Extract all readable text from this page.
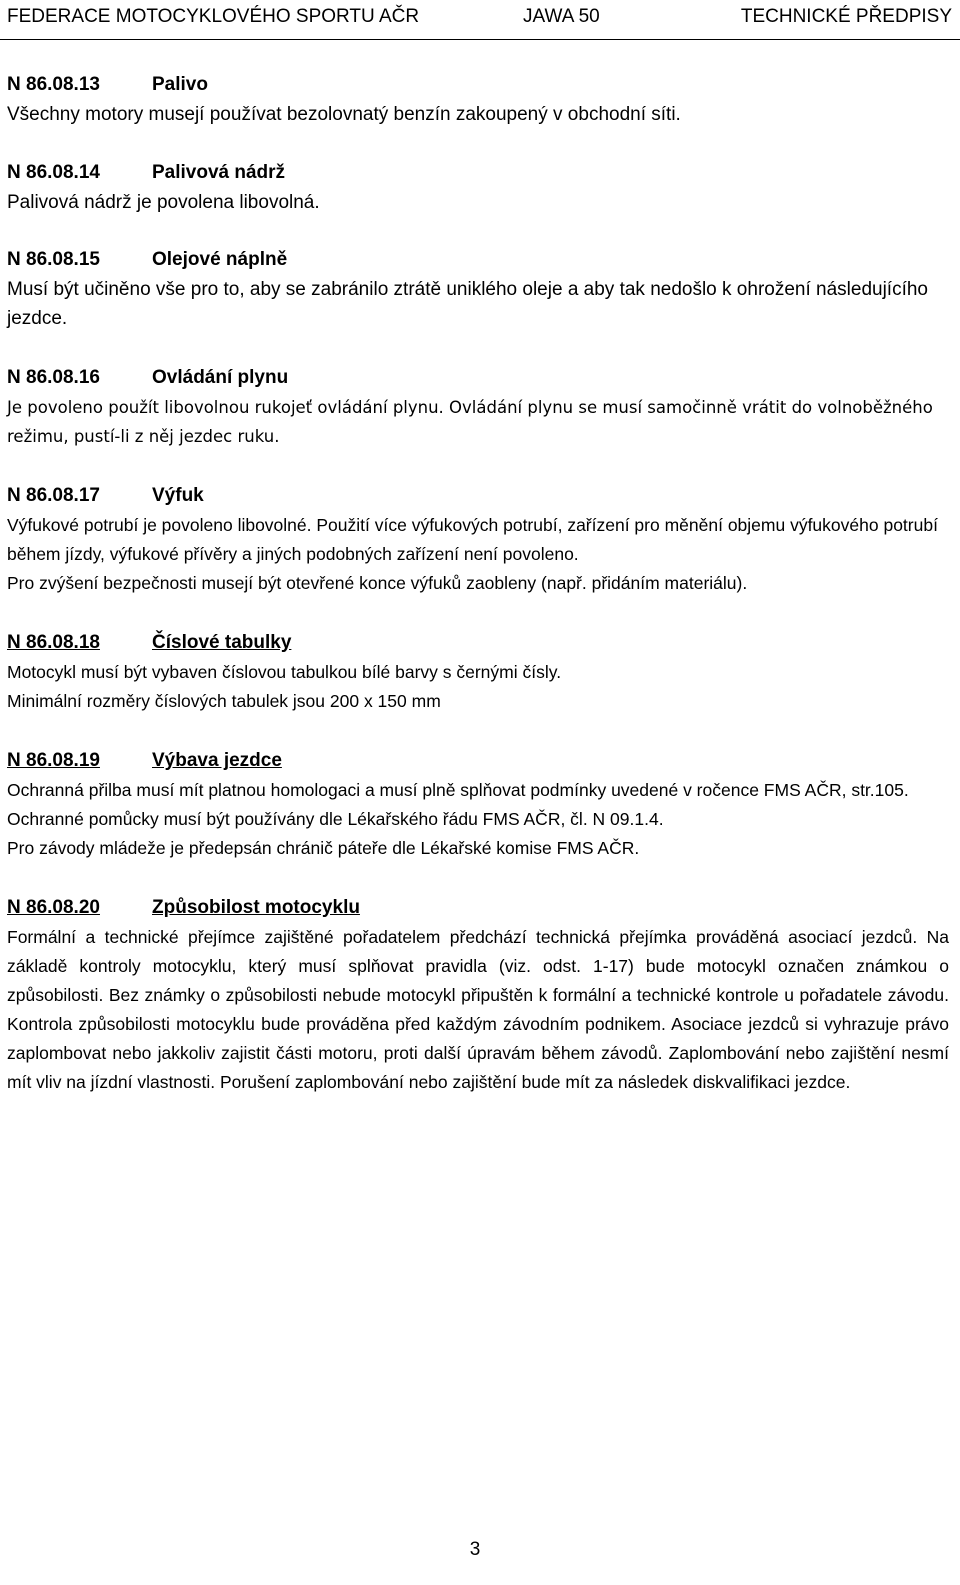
FEDERACE MOTOCYKLOVÉHO SPORTU AČR	JAWA 50	TECHNICKÉ PŘEDPISY
N 86.08.13	Palivo
Všechny motory musejí používat bezolovnatý benzín zakoupený v obchodní síti.
N 86.08.14	Palivová nádrž
Palivová nádrž je povolena libovolná.
N 86.08.15	Olejové náplně
Musí být učiněno vše pro to, aby se zabránilo ztrátě uniklého oleje a aby tak nedošlo k ohrožení následujícího jezdce.
N 86.08.16	Ovládání plynu
Je povoleno použít libovolnou rukojeť ovládání plynu. Ovládání plynu se musí samočinně vrátit do volnoběžného režimu, pustí-li z něj jezdec ruku.
N 86.08.17	Výfuk
Výfukové potrubí je povoleno libovolné. Použití více výfukových potrubí, zařízení pro měnění objemu výfukového potrubí během jízdy, výfukové přívěry a jiných podobných zařízení není povoleno.
Pro zvýšení bezpečnosti musejí být otevřené konce výfuků zaobleny (např. přidáním materiálu).
N 86.08.18	Číslové tabulky
Motocykl musí být vybaven číslovou tabulkou bílé barvy s černými čísly.
Minimální rozměry číslových tabulek jsou 200 x 150 mm
N 86.08.19	Výbava jezdce
Ochranná přilba musí mít platnou homologaci a musí plně splňovat podmínky uvedené v ročence FMS AČR, str.105.
Ochranné pomůcky musí být používány dle Lékařského řádu FMS AČR, čl. N 09.1.4.
Pro závody mládeže je předepsán chránič páteře dle Lékařské komise FMS AČR.
N 86.08.20	Způsobilost motocyklu
Formální a technické přejímce zajištěné pořadatelem předchází technická přejímka prováděná asociací jezdců. Na základě kontroly motocyklu, který musí splňovat pravidla (viz. odst. 1-17) bude motocykl označen známkou o způsobilosti. Bez známky o způsobilosti nebude motocykl připuštěn k formální a technické kontrole u pořadatele závodu. Kontrola způsobilosti motocyklu bude prováděna před každým závodním podnikem. Asociace jezdců si vyhrazuje právo zaplombovat nebo jakkoliv zajistit části motoru, proti další úpravám během závodů. Zaplombování nebo zajištění nesmí mít vliv na jízdní vlastnosti. Porušení zaplombování nebo zajištění bude mít za následek diskvalifikaci jezdce.
3
